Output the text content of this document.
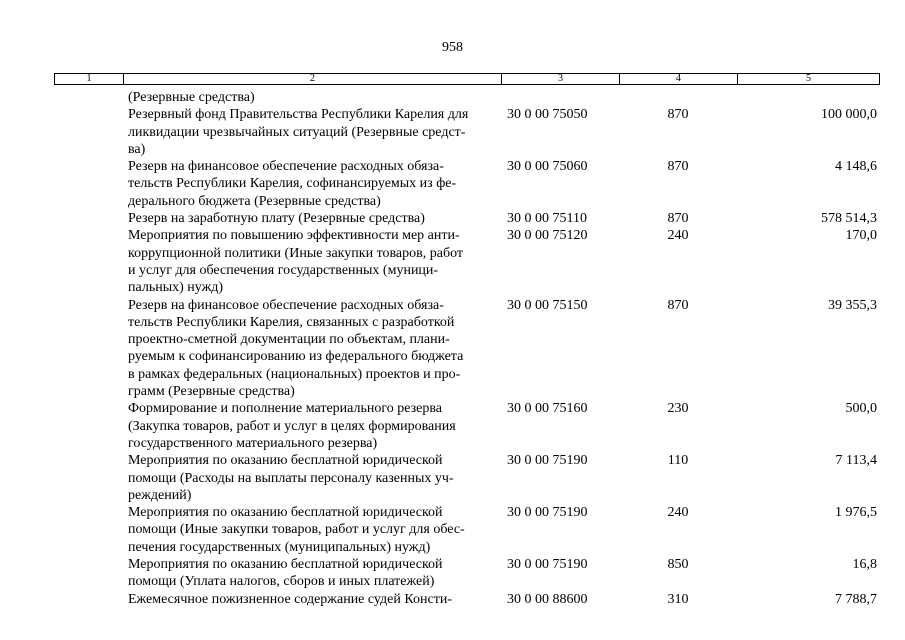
958
1	2	3	4	5
(Резервные средства)
Резервный фонд Правительства Республики Карелия для
ликвидации чрезвычайных ситуаций (Резервные средст-
ва)
30 0 00 75050	870	100 000,0
Резерв на финансовое обеспечение расходных обяза-
тельств Республики Карелия, софинансируемых из фе-
дерального бюджета (Резервные средства)
30 0 00 75060	870	4 148,6
Резерв на заработную плату (Резервные средства)	30 0 00 75110	870	578 514,3
Мероприятия по повышению эффективности мер анти-
коррупционной политики (Иные закупки товаров, работ
и услуг для обеспечения государственных (муници-
пальных) нужд)
30 0 00 75120	240	170,0
Резерв на финансовое обеспечение расходных обяза-
тельств Республики Карелия, связанных с разработкой
проектно-сметной документации по объектам, плани-
руемым к софинансированию из федерального бюджета
в рамках федеральных (национальных) проектов и про-
грамм (Резервные средства)
30 0 00 75150	870	39 355,3
Формирование и пополнение материального резерва
(Закупка товаров, работ и услуг в целях формирования
государственного материального резерва)
30 0 00 75160	230	500,0
Мероприятия по оказанию бесплатной юридической
помощи (Расходы на выплаты персоналу казенных уч-
реждений)
30 0 00 75190	110	7 113,4
Мероприятия по оказанию бесплатной юридической
помощи (Иные закупки товаров, работ и услуг для обес-
печения государственных (муниципальных) нужд)
30 0 00 75190	240	1 976,5
Мероприятия по оказанию бесплатной юридической
помощи (Уплата налогов, сборов и иных платежей)
30 0 00 75190	850	16,8
Ежемесячное пожизненное содержание судей Консти-	30 0 00 88600	310	7 788,7
